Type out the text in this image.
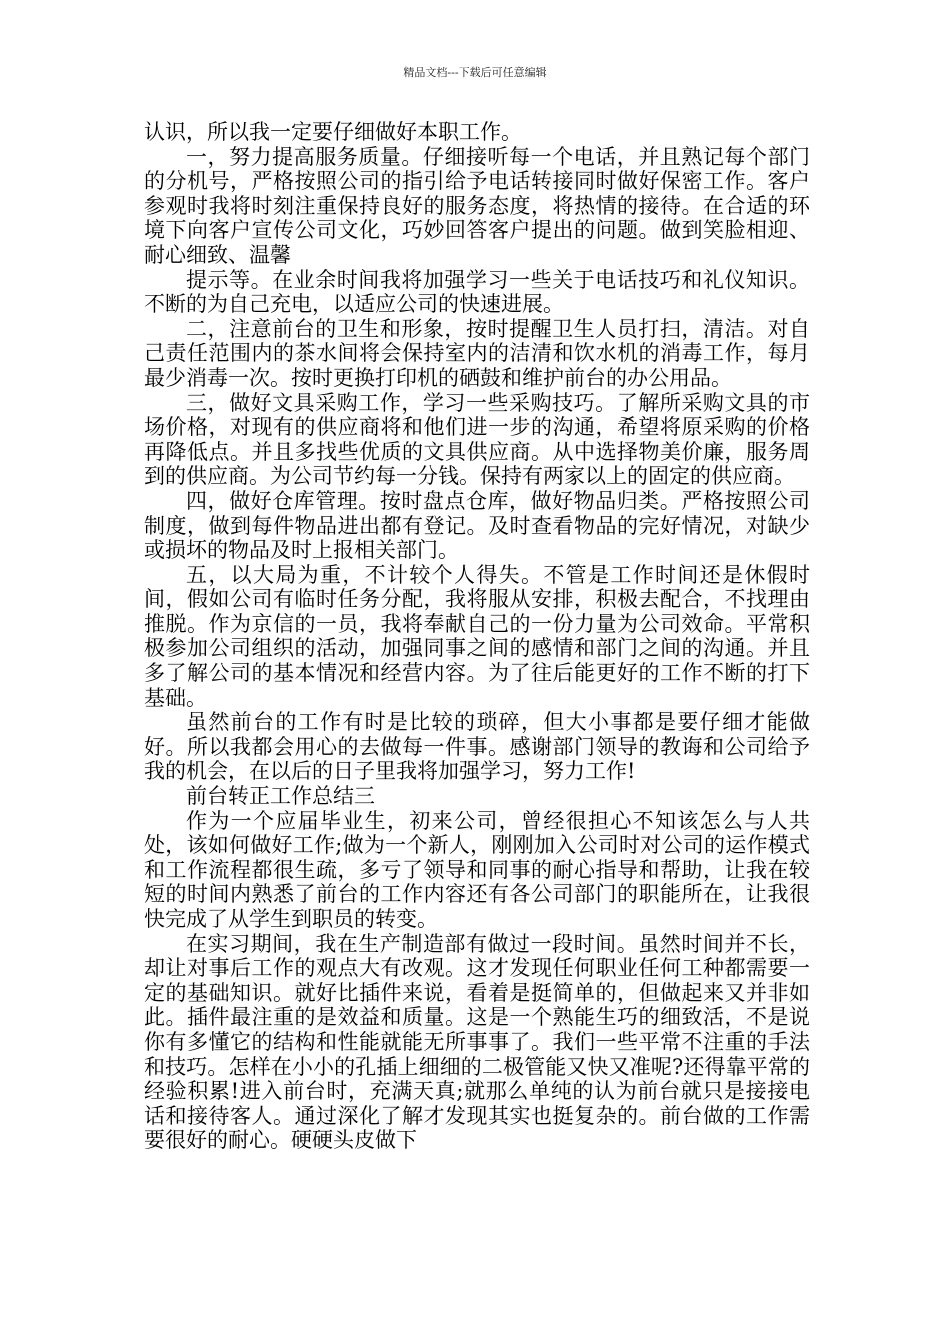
精品文档---下载后可任意编辑

认识，所以我一定要仔细做好本职工作。

一，努力提高服务质量。仔细接听每一个电话，并且熟记每个部门的分机号，严格按照公司的指引给予电话转接同时做好保密工作。客户参观时我将时刻注重保持良好的服务态度，将热情的接待。在合适的环境下向客户宣传公司文化，巧妙回答客户提出的问题。做到笑脸相迎、耐心细致、温馨

提示等。在业余时间我将加强学习一些关于电话技巧和礼仪知识。不断的为自己充电，以适应公司的快速进展。

二，注意前台的卫生和形象，按时提醒卫生人员打扫，清洁。对自己责任范围内的茶水间将会保持室内的洁清和饮水机的消毒工作，每月最少消毒一次。按时更换打印机的硒鼓和维护前台的办公用品。

三，做好文具采购工作，学习一些采购技巧。了解所采购文具的市场价格，对现有的供应商将和他们进一步的沟通，希望将原采购的价格再降低点。并且多找些优质的文具供应商。从中选择物美价廉，服务周到的供应商。为公司节约每一分钱。保持有两家以上的固定的供应商。

四，做好仓库管理。按时盘点仓库，做好物品归类。严格按照公司制度，做到每件物品进出都有登记。及时查看物品的完好情况，对缺少或损坏的物品及时上报相关部门。

五，以大局为重，不计较个人得失。不管是工作时间还是休假时间，假如公司有临时任务分配，我将服从安排，积极去配合，不找理由推脱。作为京信的一员，我将奉献自己的一份力量为公司效命。平常积极参加公司组织的活动，加强同事之间的感情和部门之间的沟通。并且多了解公司的基本情况和经营内容。为了往后能更好的工作不断的打下基础。

虽然前台的工作有时是比较的琐碎，但大小事都是要仔细才能做好。所以我都会用心的去做每一件事。感谢部门领导的教诲和公司给予我的机会，在以后的日子里我将加强学习，努力工作!

前台转正工作总结三

作为一个应届毕业生，初来公司，曾经很担心不知该怎么与人共处，该如何做好工作;做为一个新人，刚刚加入公司时对公司的运作模式和工作流程都很生疏，多亏了领导和同事的耐心指导和帮助，让我在较短的时间内熟悉了前台的工作内容还有各公司部门的职能所在，让我很快完成了从学生到职员的转变。

在实习期间，我在生产制造部有做过一段时间。虽然时间并不长，却让对事后工作的观点大有改观。这才发现任何职业任何工种都需要一定的基础知识。就好比插件来说，看着是挺简单的，但做起来又并非如此。插件最注重的是效益和质量。这是一个熟能生巧的细致活，不是说你有多懂它的结构和性能就能无所事事了。我们一些平常不注重的手法和技巧。怎样在小小的孔插上细细的二极管能又快又准呢?还得靠平常的经验积累!进入前台时，充满天真;就那么单纯的认为前台就只是接接电话和接待客人。通过深化了解才发现其实也挺复杂的。前台做的工作需要很好的耐心。硬硬头皮做下
